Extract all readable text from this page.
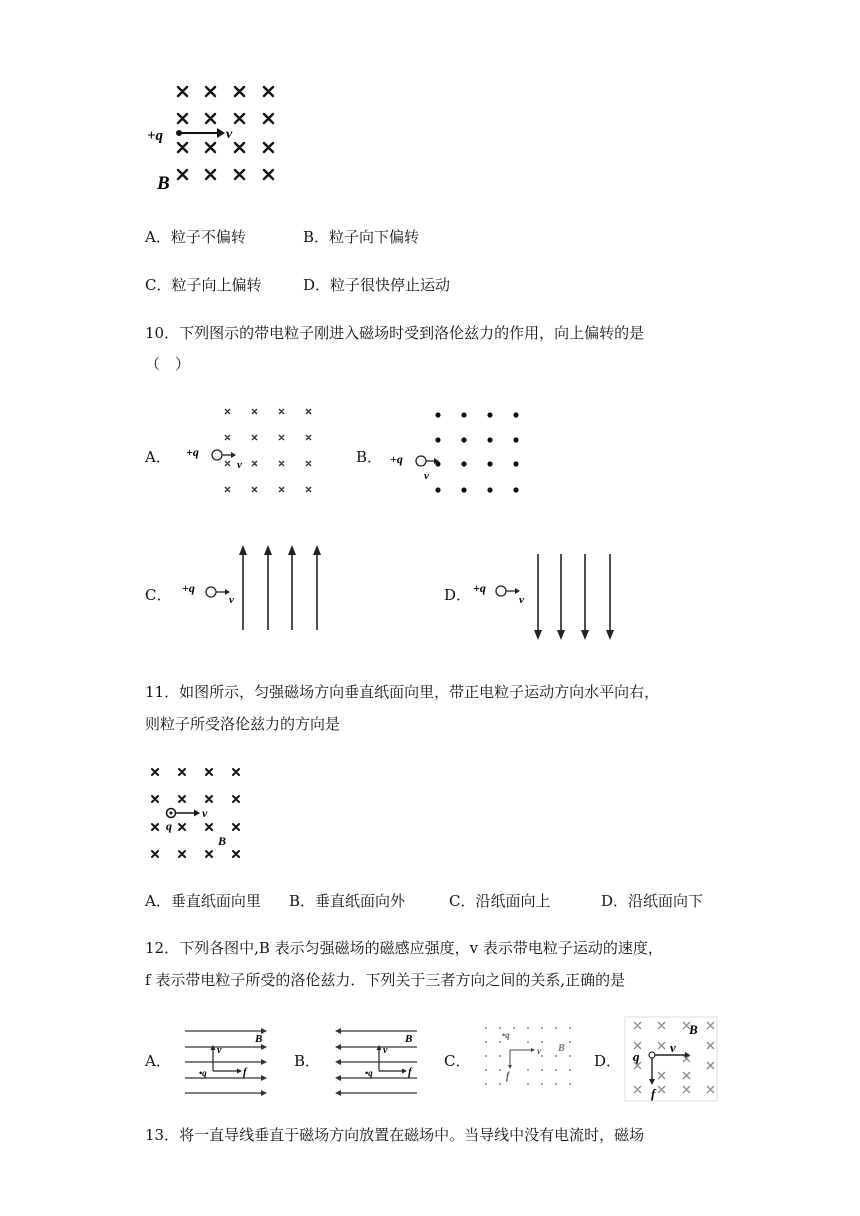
+q	v
B
A．粒子不偏转	B．粒子向下偏转
C．粒子向上偏转	D．粒子很快停止运动
10．下列图示的带电粒子刚进入磁场时受到洛伦兹力的作用，向上偏转的是
（　）
A． +q
v	B． +q
v
C． +q
v	D． +q
v
11．如图所示，匀强磁场方向垂直纸面向里，带正电粒子运动方向水平向右，
则粒子所受洛伦兹力的方向是
q
v
B
A．垂直纸面向里 B．垂直纸面向外	C．沿纸面向上	D．沿纸面向下
12．下列各图中,B 表示匀强磁场的磁感应强度，v 表示带电粒子运动的速度，
f 表示带电粒子所受的洛伦兹力．下列关于三者方向之间的关系,正确的是
A．
B
v
•q	f
B．
B
v
•q	f
C．
•q
v B
f
D． q
v
B
f
13．将一直导线垂直于磁场方向放置在磁场中。当导线中没有电流时，磁场
